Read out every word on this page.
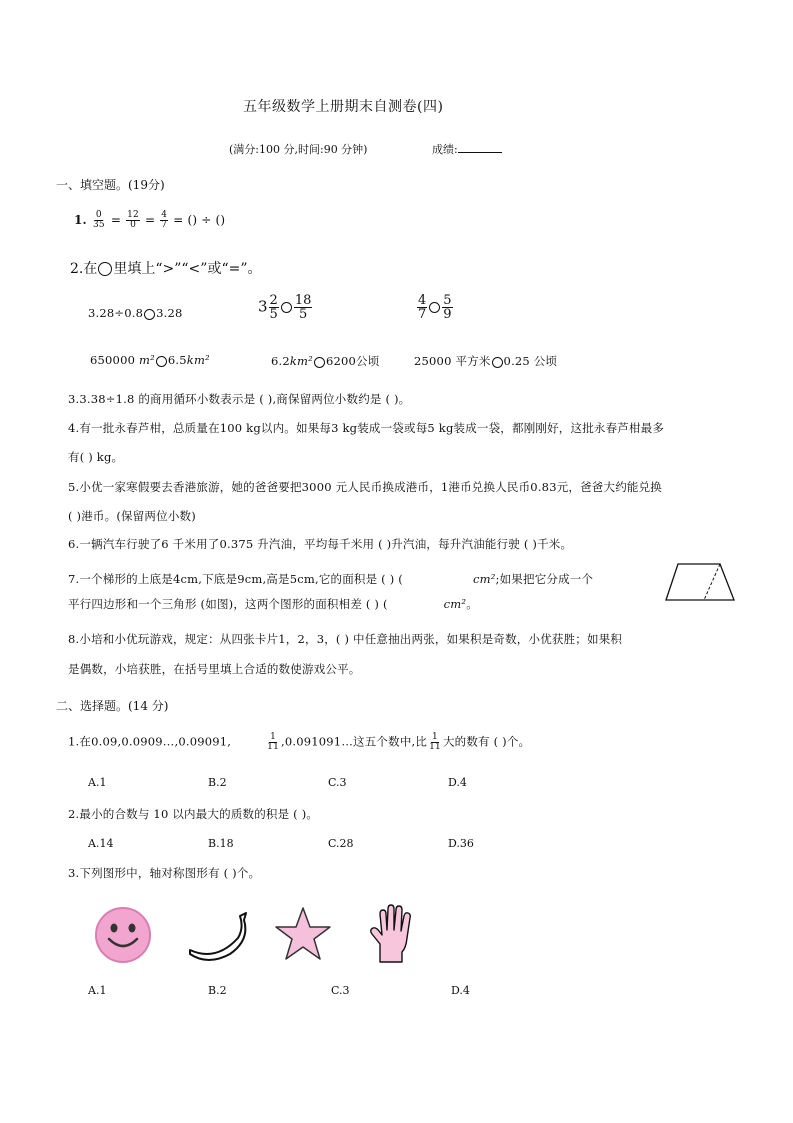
五年级数学上册期末自测卷(四)
(满分:100 分,时间:90 分钟)	成绩:
一、填空题。(19分)
1. $\frac{0}{35} = \frac{12}{0} = \frac{4}{7}$ = () ÷ ()
2.在 里填上“>”“<”或“=”。
3.28÷0.8 3.28	$3 \frac{2}{5} \frac{18}{5}$	$\frac{4}{7} \frac{5}{9}$
650000 m² 6.5km²	6.2km² 6200公顷	25000 平方米 0.25 公顷
3.3.38÷1.8 的商用循环小数表示是 ( ),商保留两位小数约是 ( )。
4.有一批永春芦柑，总质量在100 kg以内。如果每3 kg装成一袋或每5 kg装成一袋，都刚刚好，这批永春芦柑最多
有( ) kg。
5.小优一家寒假要去香港旅游，她的爸爸要把3000 元人民币换成港币，1港币兑换人民币0.83元，爸爸大约能兑换
( )港币。(保留两位小数)
6.一辆汽车行驶了6 千米用了0.375 升汽油，平均每千米用 ( )升汽油，每升汽油能行驶 ( )千米。
7.一个梯形的上底是4cm,下底是9cm,高是5cm,它的面积是 ( ) (	cm²;如果把它分成一个
平行四边形和一个三角形 (如图)，这两个图形的面积相差 ( ) (	cm²。
8.小培和小优玩游戏，规定：从四张卡片1，2，3，( ) 中任意抽出两张，如果积是奇数，小优获胜；如果积
是偶数，小培获胜，在括号里填上合适的数使游戏公平。
二、选择题。(14 分)
1.在0.09,0.0909…,0.09091,	$\frac{1}{11}$ ,0.091091…这五个数中,比 $\frac{1}{11}$ 大的数有 ( )个。
A.1	B.2	C.3	D.4
2.最小的合数与 10 以内最大的质数的积是 ( )。
A.14	B.18	C.28	D.36
3.下列图形中，轴对称图形有 ( )个。
A.1	B.2	C.3	D.4
